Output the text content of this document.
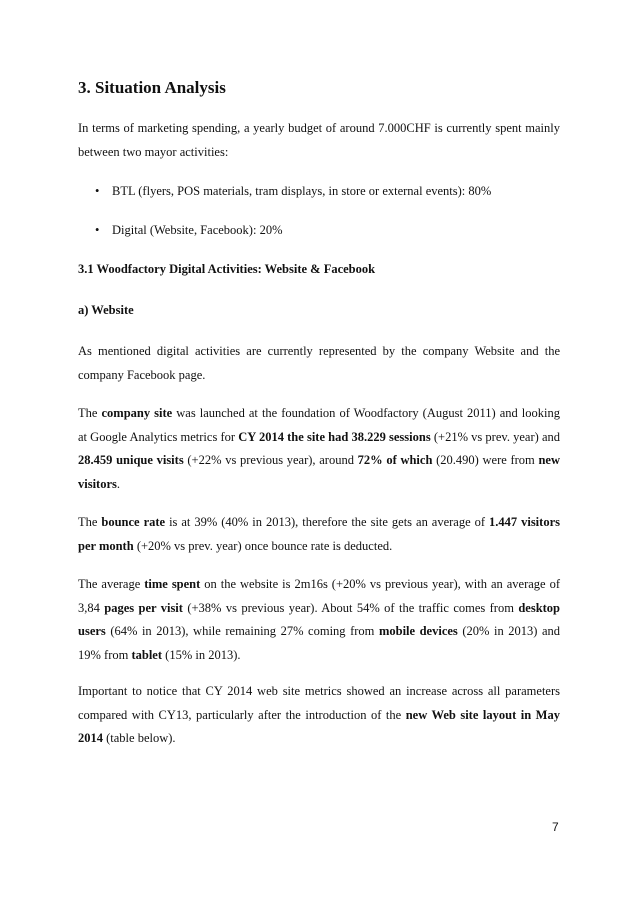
3. Situation Analysis

In terms of marketing spending, a yearly budget of around 7.000CHF is currently spent mainly between two mayor activities:

• BTL (flyers, POS materials, tram displays, in store or external events): 80%
• Digital (Website, Facebook): 20%
3.1 Woodfactory Digital Activities: Website & Facebook
a) Website

As mentioned digital activities are currently represented by the company Website and the company Facebook page.

The company site was launched at the foundation of Woodfactory (August 2011) and looking at Google Analytics metrics for CY 2014 the site had 38.229 sessions (+21% vs prev. year) and 28.459 unique visits (+22% vs previous year), around 72% of which (20.490) were from new visitors.

The bounce rate is at 39% (40% in 2013), therefore the site gets an average of 1.447 visitors per month (+20% vs prev. year) once bounce rate is deducted.

The average time spent on the website is 2m16s (+20% vs previous year), with an average of 3,84 pages per visit (+38% vs previous year). About 54% of the traffic comes from desktop users (64% in 2013), while remaining 27% coming from mobile devices (20% in 2013) and 19% from tablet (15% in 2013).

Important to notice that CY 2014 web site metrics showed an increase across all parameters compared with CY13, particularly after the introduction of the new Web site layout in May 2014 (table below).

7
